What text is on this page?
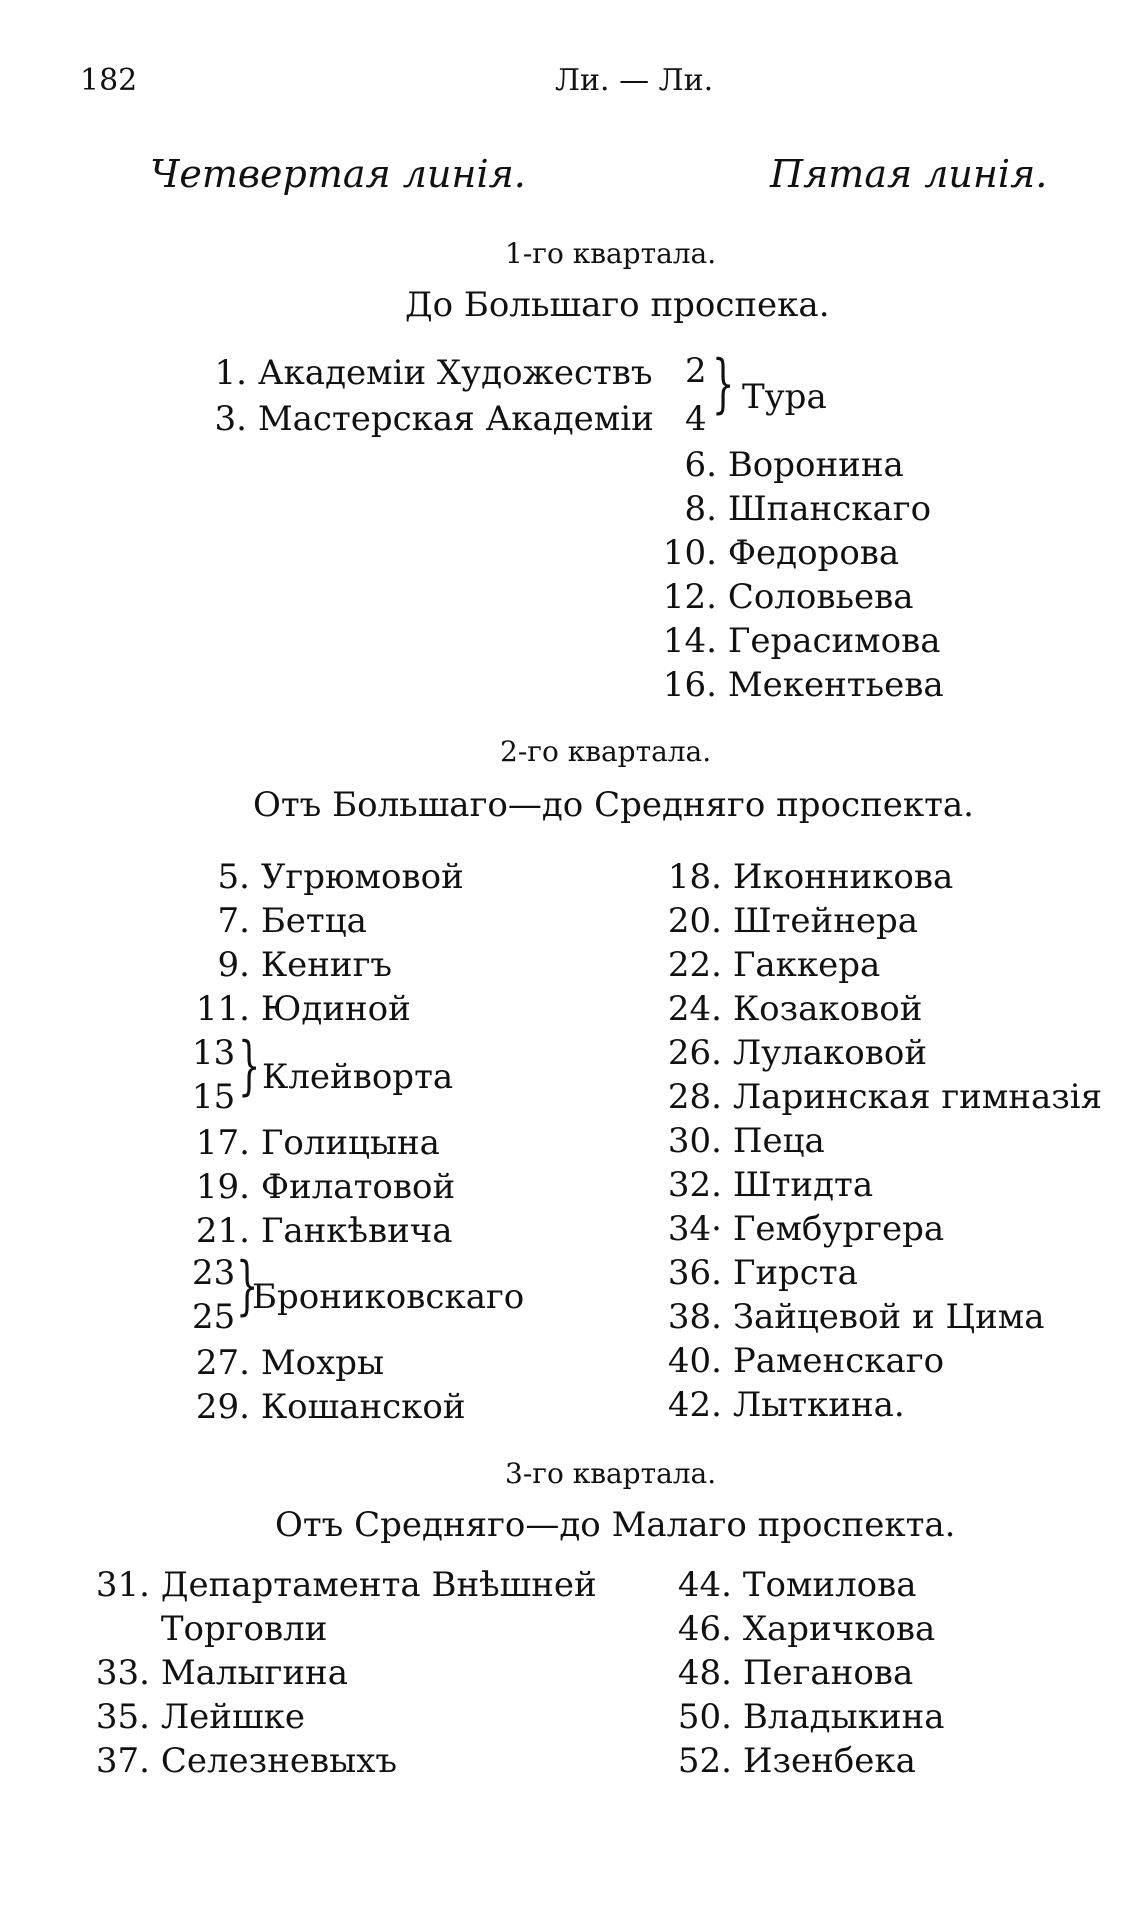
182	Ли. — Ли.
Четвертая линія.	Пятая линія.
1-го квартала.
До Большаго проспека.
1. Академіи Художествъ
3. Мастерская Академіи
2
4 } Тура
6. Воронина
8. Шпанскаго
10. Федорова
12. Соловьева
14. Герасимова
16. Мекентьева
2-го квартала.
Отъ Большаго—до Средняго проспекта.
5. Угрюмовой
7. Бетца
9. Кенигъ
11. Юдиной
13
15 } Клейворта
17. Голицына
19. Филатовой
21. Ганкѣвича
23
25 }
Брониковскаго
27. Мохры
29. Кошанской
18. Иконникова
20. Штейнера
22. Гаккера
24. Козаковой
26. Лулаковой
28. Ларинская гимназія
30. Пеца
32. Штидта
34· Гембургера
36. Гирста
38. Зайцевой и Цима
40. Раменскаго
42. Лыткина.
3-го квартала.
Отъ Средняго—до Малаго проспекта.
31. Департамента Внѣшней
Торговли
33. Малыгина
35. Лейшке
37. Селезневыхъ
44. Томилова
46. Харичкова
48. Пеганова
50. Владыкина
52. Изенбека
